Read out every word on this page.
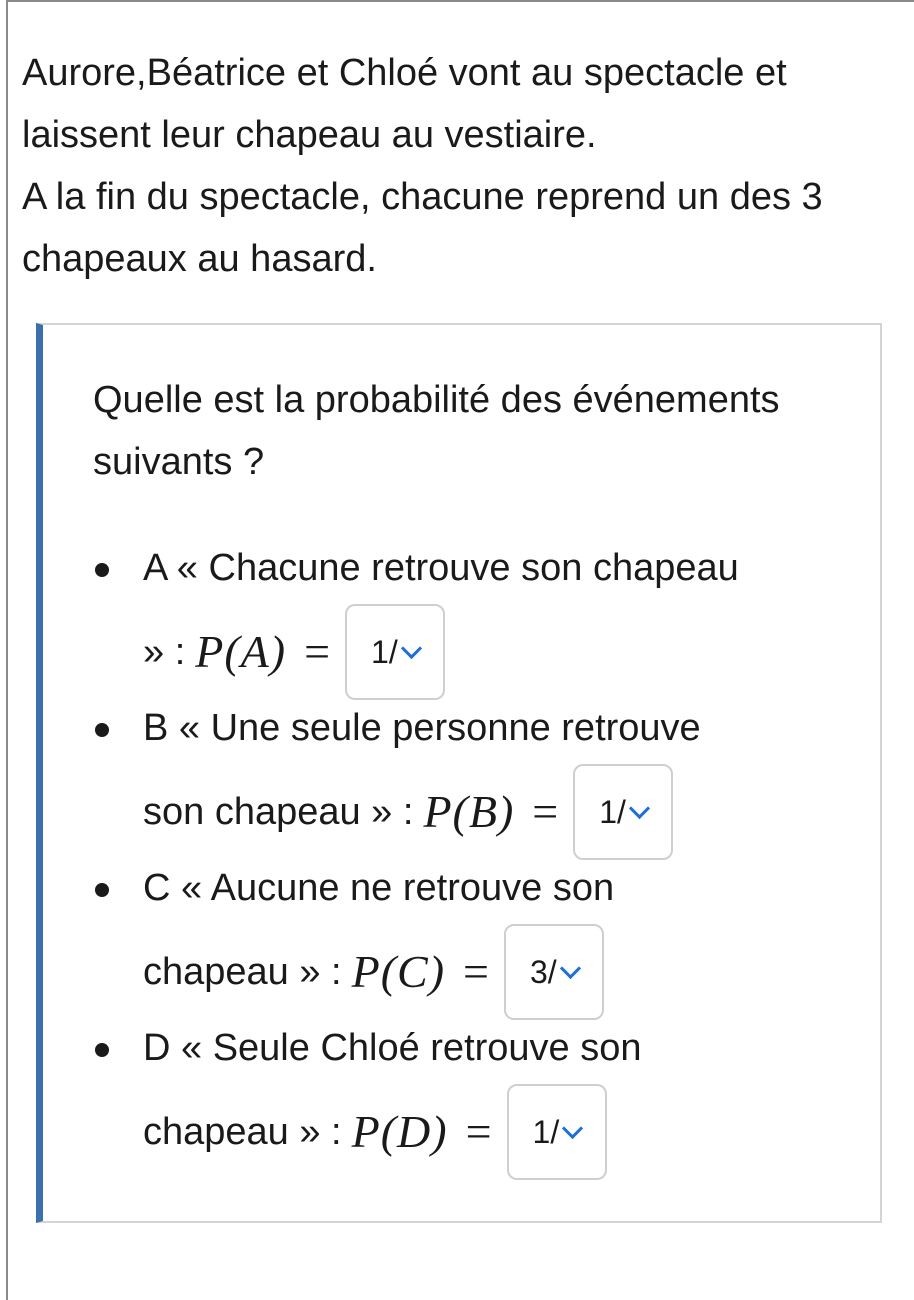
Aurore,Béatrice et Chloé vont au spectacle et laissent leur chapeau au vestiaire.

A la fin du spectacle, chacune reprend un des 3 chapeaux au hasard.

Quelle est la probabilité des événements suivants ?

A « Chacune retrouve son chapeau
» : P(A) =	1/
B « Une seule personne retrouve
son chapeau » : P(B) =	1/
C « Aucune ne retrouve son
chapeau » : P(C) =	3/
D « Seule Chloé retrouve son
chapeau » : P(D) =	1/
